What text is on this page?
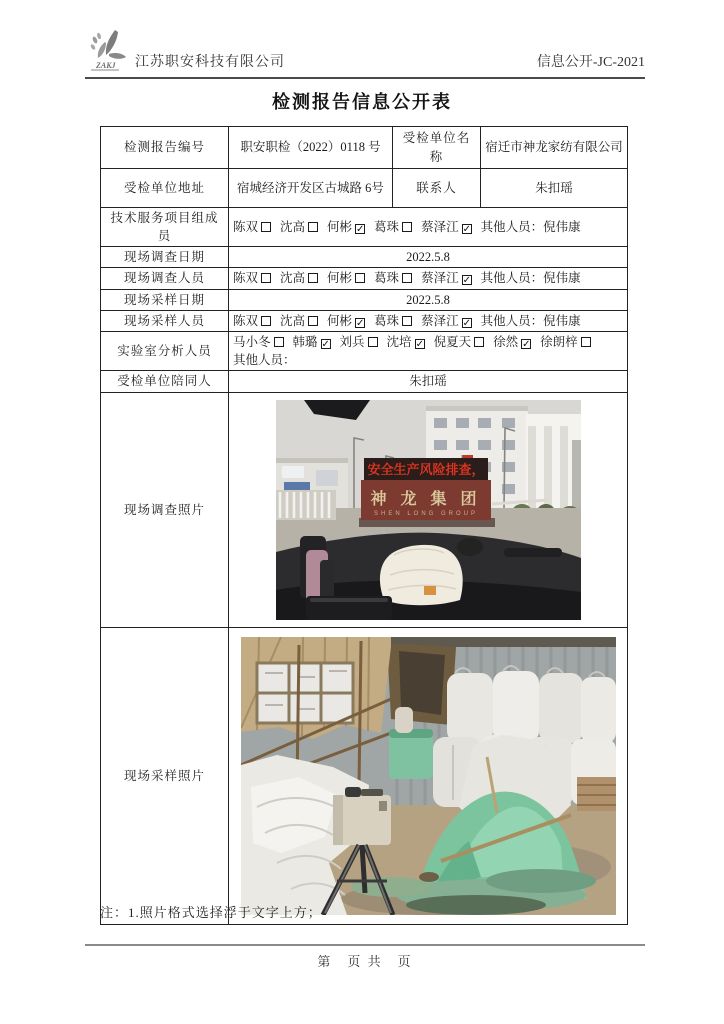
ZAKJ 江苏职安科技有限公司	信息公开-JC-2021
检测报告信息公开表
检测报告编号	职安职检（2022）0118 号	受检单位名称	宿迁市神龙家纺有限公司
受检单位地址	宿城经济开发区古城路 6号	联系人	朱扣瑶
技术服务项目组成员	陈双 沈高 何彬 ✓ 葛珠 蔡泽江 ✓ 其他人员：倪伟康		
现场调查日期	2022.5.8		
现场调查人员	陈双 沈高 何彬 葛珠 蔡泽江 ✓ 其他人员：倪伟康		
现场采样日期	2022.5.8		
现场采样人员	陈双 沈高 何彬 ✓ 葛珠 蔡泽江 ✓ 其他人员：倪伟康		
实验室分析人员	马小冬 韩璐 ✓ 刘兵 沈培 ✓ 倪夏天 徐然 ✓ 徐朗梓
其他人员：		

受检单位陪同人	朱扣瑶		
现场调查照片	安全生产风险排查，
神 龙 集 团
SHEN LONG GROUP		

现场采样照片	
注：1.照片格式选择浮于文字上方；
第　页 共　页
